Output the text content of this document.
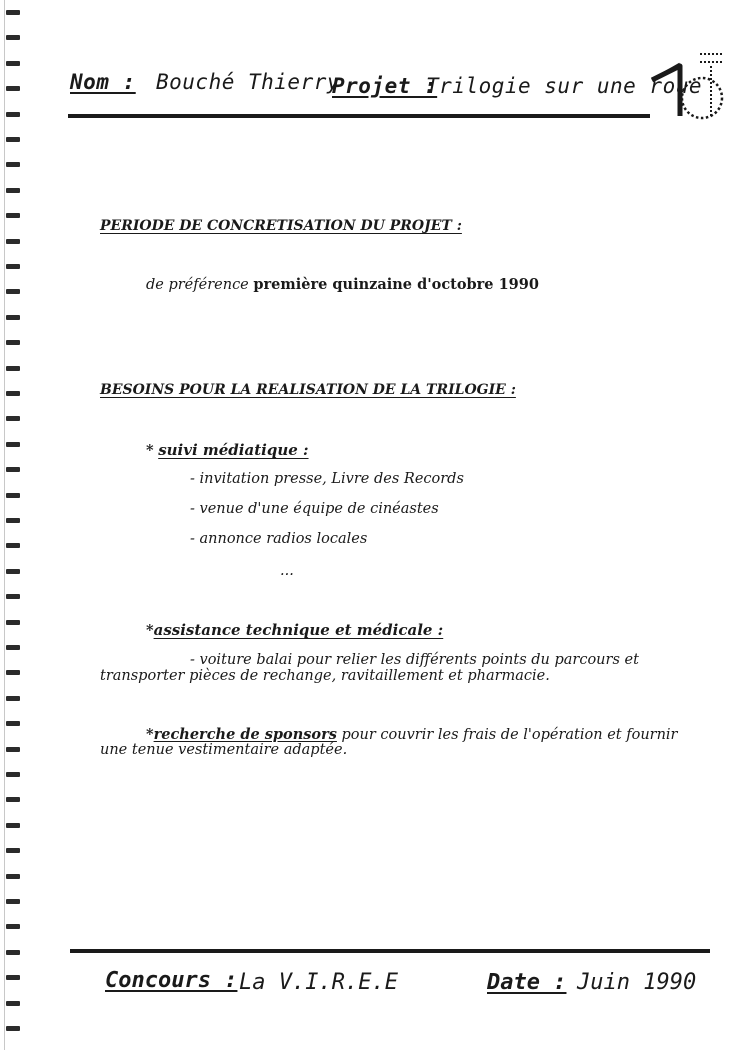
Nom : Bouché Thierry
Projet :
Trilogie sur une roue
PERIODE DE CONCRETISATION DU PROJET :
de préférence première quinzaine d'octobre 1990
BESOINS POUR LA REALISATION DE LA TRILOGIE :
* suivi médiatique :
- invitation presse, Livre des Records
- venue d'une équipe de cinéastes
- annonce radios locales
...
*assistance technique et médicale :
- voiture balai pour relier les différents points du parcours et
transporter pièces de rechange, ravitaillement et pharmacie.
*recherche de sponsors pour couvrir les frais de l'opération et fournir
une tenue vestimentaire adaptée.
Concours : La V.I.R.E.E	Date : Juin 1990
